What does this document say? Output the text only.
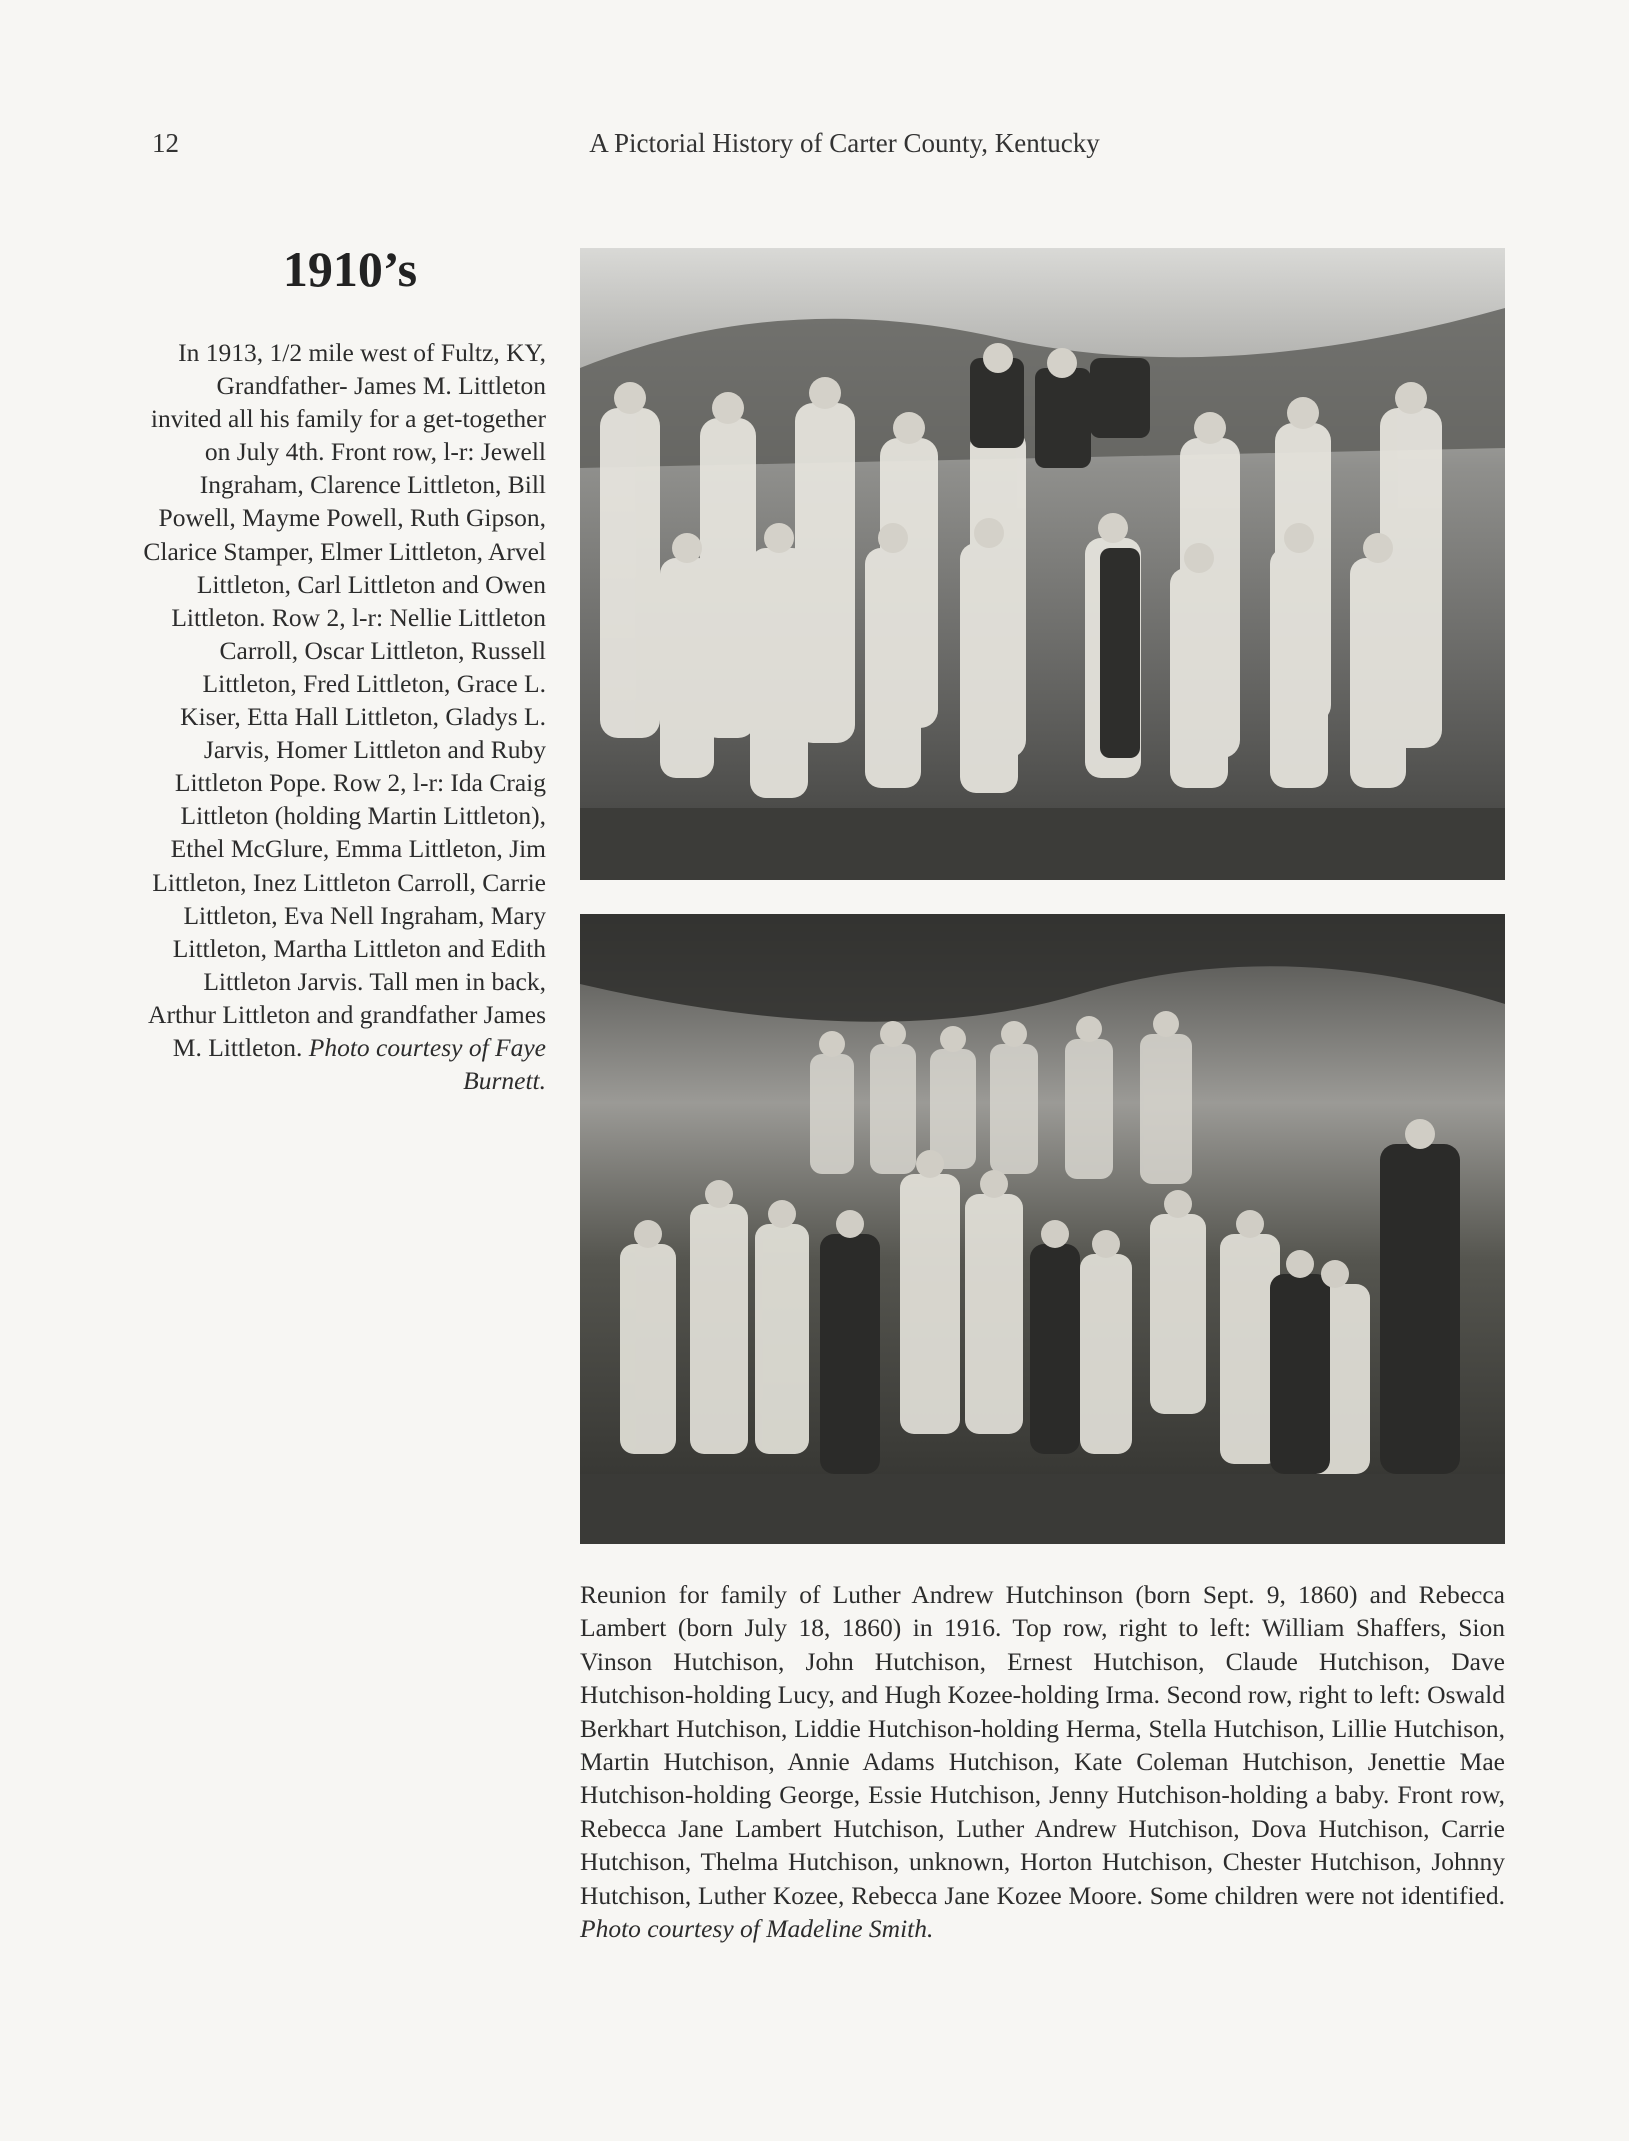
12	A Pictorial History of Carter County, Kentucky
1910’s
In 1913, 1/2 mile west of Fultz, KY, Grandfather- James M. Littleton invited all his family for a get-together on July 4th. Front row, l-r: Jewell Ingraham, Clarence Littleton, Bill Powell, Mayme Powell, Ruth Gipson, Clarice Stamper, Elmer Littleton, Arvel Littleton, Carl Littleton and Owen Littleton. Row 2, l-r: Nellie Littleton Carroll, Oscar Littleton, Russell Littleton, Fred Littleton, Grace L. Kiser, Etta Hall Littleton, Gladys L. Jarvis, Homer Littleton and Ruby Littleton Pope. Row 2, l-r: Ida Craig Littleton (holding Martin Littleton), Ethel McGlure, Emma Littleton, Jim Littleton, Inez Littleton Carroll, Carrie Littleton, Eva Nell Ingraham, Mary Littleton, Martha Littleton and Edith Littleton Jarvis. Tall men in back, Arthur Littleton and grandfather James M. Littleton. Photo courtesy of Faye Burnett.
Reunion for family of Luther Andrew Hutchinson (born Sept. 9, 1860) and Rebecca Lambert (born July 18, 1860) in 1916. Top row, right to left: William Shaffers, Sion Vinson Hutchison, John Hutchison, Ernest Hutchison, Claude Hutchison, Dave Hutchison-holding Lucy, and Hugh Kozee-holding Irma. Second row, right to left: Oswald Berkhart Hutchison, Liddie Hutchison-holding Herma, Stella Hutchison, Lillie Hutchison, Martin Hutchison, Annie Adams Hutchison, Kate Coleman Hutchison, Jenettie Mae Hutchison-holding George, Essie Hutchison, Jenny Hutchison-holding a baby. Front row, Rebecca Jane Lambert Hutchison, Luther Andrew Hutchison, Dova Hutchison, Carrie Hutchison, Thelma Hutchison, unknown, Horton Hutchison, Chester Hutchison, Johnny Hutchison, Luther Kozee, Rebecca Jane Kozee Moore. Some children were not identified. Photo courtesy of Madeline Smith.
